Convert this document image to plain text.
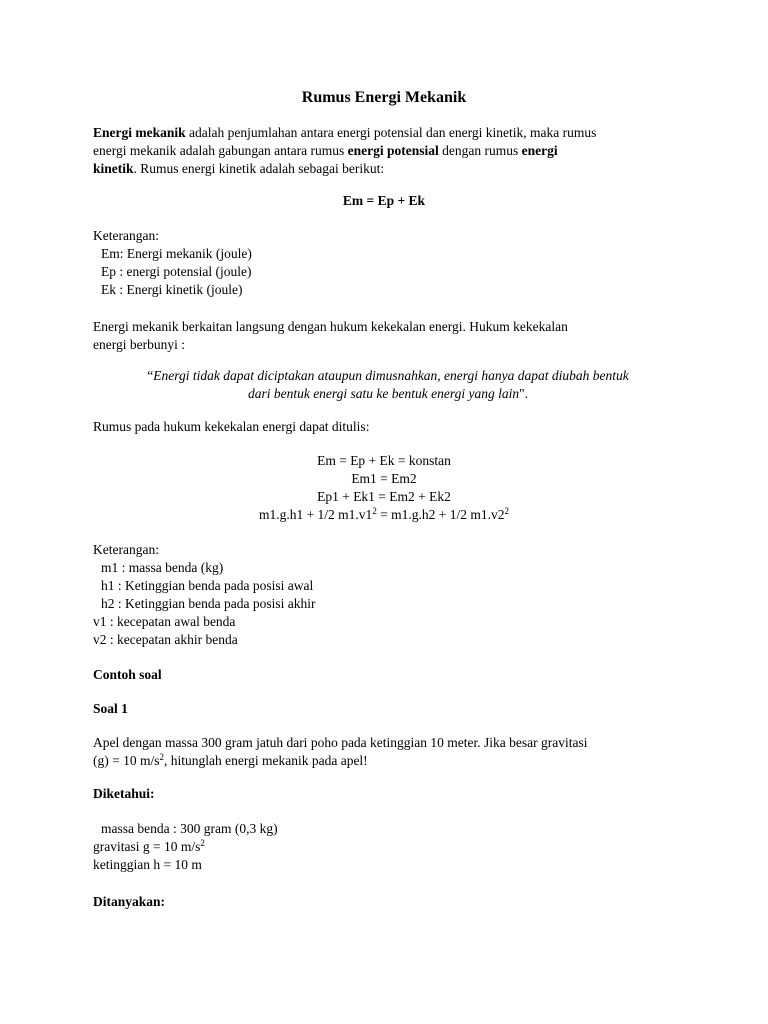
Rumus Energi Mekanik
Energi mekanik adalah penjumlahan antara energi potensial dan energi kinetik, maka rumus
energi mekanik adalah gabungan antara rumus energi potensial dengan rumus energi
kinetik. Rumus energi kinetik adalah sebagai berikut:
Em = Ep + Ek
Keterangan:
Em: Energi mekanik (joule)
Ep : energi potensial (joule)
Ek : Energi kinetik (joule)
Energi mekanik berkaitan langsung dengan hukum kekekalan energi. Hukum kekekalan
energi berbunyi :
“Energi tidak dapat diciptakan ataupun dimusnahkan, energi hanya dapat diubah bentuk
dari bentuk energi satu ke bentuk energi yang lain".
Rumus pada hukum kekekalan energi dapat ditulis:
Em = Ep + Ek = konstan
Em1 = Em2
Ep1 + Ek1 = Em2 + Ek2
m1.g.h1 + 1/2 $m1.v1^2 = m1.g.h2 + 1/2$ $m1.v2^2$
Keterangan:
m1 : massa benda (kg)
h1 : Ketinggian benda pada posisi awal
h2 : Ketinggian benda pada posisi akhir
v1 : kecepatan awal benda
v2 : kecepatan akhir benda
Contoh soal
Soal 1
Apel dengan massa 300 gram jatuh dari poho pada ketinggian 10 meter. Jika besar gravitasi
(g) = 10 $m/s^2$, hitunglah energi mekanik pada apel!
Diketahui:
massa benda : 300 gram (0,3 kg)
gravitasi g = 10 $m/s^2$
ketinggian h = 10 m
Ditanyakan:
